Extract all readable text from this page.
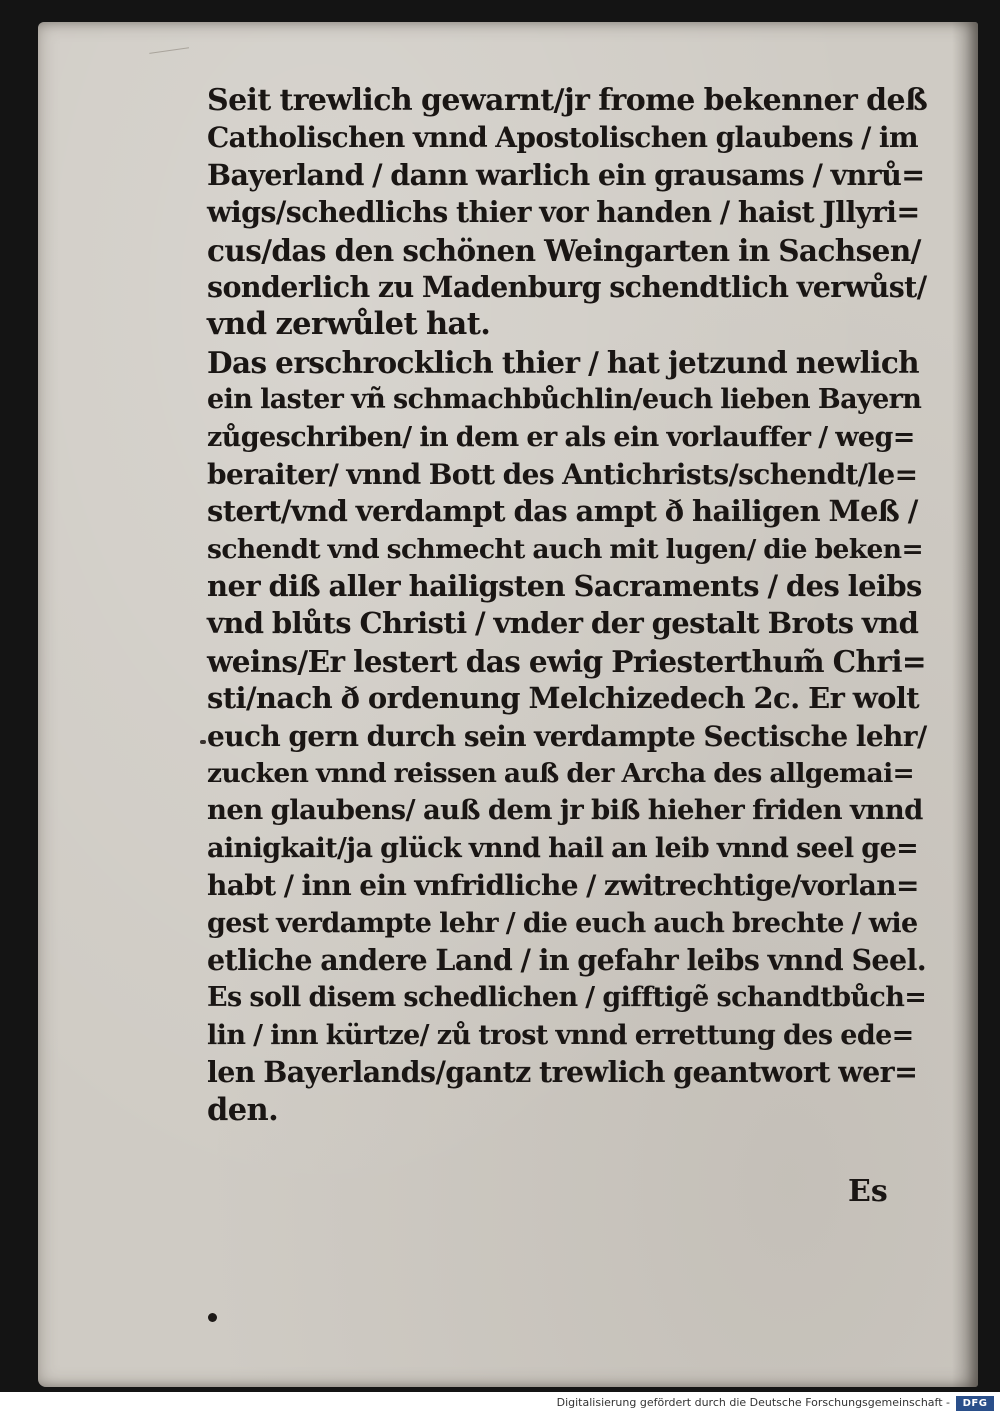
Seit trewlich gewarnt/jr frome bekenner deß
Catholischen vnnd Apostolischen glaubens / im
Bayerland / dann warlich ein grausams / vnrů=
wigs/schedlichs thier vor handen / haist Jllyri=
cus/das den schönen Weingarten in Sachsen/
sonderlich zu Madenburg schendtlich verwůst/
vnd zerwůlet hat.
Das erschrocklich thier / hat jetzund newlich
ein laster vñ schmachbůchlin/euch lieben Bayern
zůgeschriben/ in dem er als ein vorlauffer / weg=
beraiter/ vnnd Bott des Antichrists/schendt/le=
stert/vnd verdampt das ampt ð hailigen Meß /
schendt vnd schmecht auch mit lugen/ die beken=
ner diß aller hailigsten Sacraments / des leibs
vnd blůts Christi / vnder der gestalt Brots vnd
weins/Er lestert das ewig Priesterthum̃ Chri=
sti/nach ð ordenung Melchizedech 2c. Er wolt
euch gern durch sein verdampte Sectische lehr/
zucken vnnd reissen auß der Archa des allgemai=
nen glaubens/ auß dem jr biß hieher friden vnnd
ainigkait/ja glück vnnd hail an leib vnnd seel ge=
habt / inn ein vnfridliche / zwitrechtige/vorlan=
gest verdampte lehr / die euch auch brechte / wie
etliche andere Land / in gefahr leibs vnnd Seel.
Es soll disem schedlichen / gifftigẽ schandtbůch=
lin / inn kürtze/ zů trost vnnd errettung des ede=
len Bayerlands/gantz trewlich geantwort wer=
den.
Es
Digitalisierung gefördert durch die Deutsche Forschungsgemeinschaft -	DFG
